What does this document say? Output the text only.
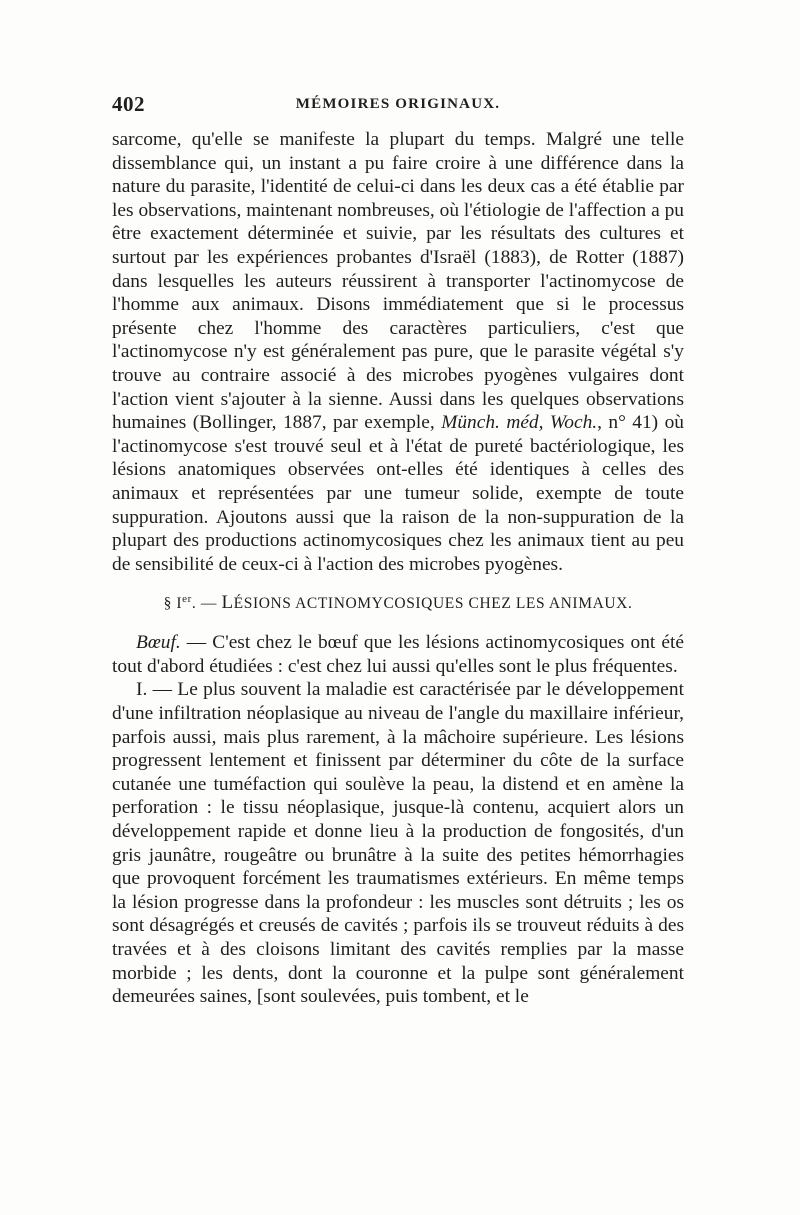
402	MÉMOIRES ORIGINAUX.

sarcome, qu'elle se manifeste la plupart du temps. Malgré une telle dissemblance qui, un instant a pu faire croire à une différence dans la nature du parasite, l'identité de celui-ci dans les deux cas a été établie par les observations, maintenant nombreuses, où l'étiologie de l'affection a pu être exactement déterminée et suivie, par les résultats des cultures et surtout par les expériences probantes d'Israël (1883), de Rotter (1887) dans lesquelles les auteurs réussirent à transporter l'actinomycose de l'homme aux animaux. Disons immédiatement que si le processus présente chez l'homme des caractères particuliers, c'est que l'actinomycose n'y est généralement pas pure, que le parasite végétal s'y trouve au contraire associé à des microbes pyogènes vulgaires dont l'action vient s'ajouter à la sienne. Aussi dans les quelques observations humaines (Bollinger, 1887, par exemple, Münch. méd, Woch., n° 41) où l'actinomycose s'est trouvé seul et à l'état de pureté bactériologique, les lésions anatomiques observées ont-elles été identiques à celles des animaux et représentées par une tumeur solide, exempte de toute suppuration. Ajoutons aussi que la raison de la non-suppuration de la plupart des productions actinomycosiques chez les animaux tient au peu de sensibilité de ceux-ci à l'action des microbes pyogènes.

§ Ier. — LÉSIONS ACTINOMYCOSIQUES CHEZ LES ANIMAUX.

Bœuf. — C'est chez le bœuf que les lésions actinomycosiques ont été tout d'abord étudiées : c'est chez lui aussi qu'elles sont le plus fréquentes.

I. — Le plus souvent la maladie est caractérisée par le développement d'une infiltration néoplasique au niveau de l'angle du maxillaire inférieur, parfois aussi, mais plus rarement, à la mâchoire supérieure. Les lésions progressent lentement et finissent par déterminer du côte de la surface cutanée une tuméfaction qui soulève la peau, la distend et en amène la perforation : le tissu néoplasique, jusque-là contenu, acquiert alors un développement rapide et donne lieu à la production de fongosités, d'un gris jaunâtre, rougeâtre ou brunâtre à la suite des petites hémorrhagies que provoquent forcément les traumatismes extérieurs. En même temps la lésion progresse dans la profondeur : les muscles sont détruits ; les os sont désagrégés et creusés de cavités ; parfois ils se trouveut réduits à des travées et à des cloisons limitant des cavités remplies par la masse morbide ; les dents, dont la couronne et la pulpe sont généralement demeurées saines, [sont soulevées, puis tombent, et le
